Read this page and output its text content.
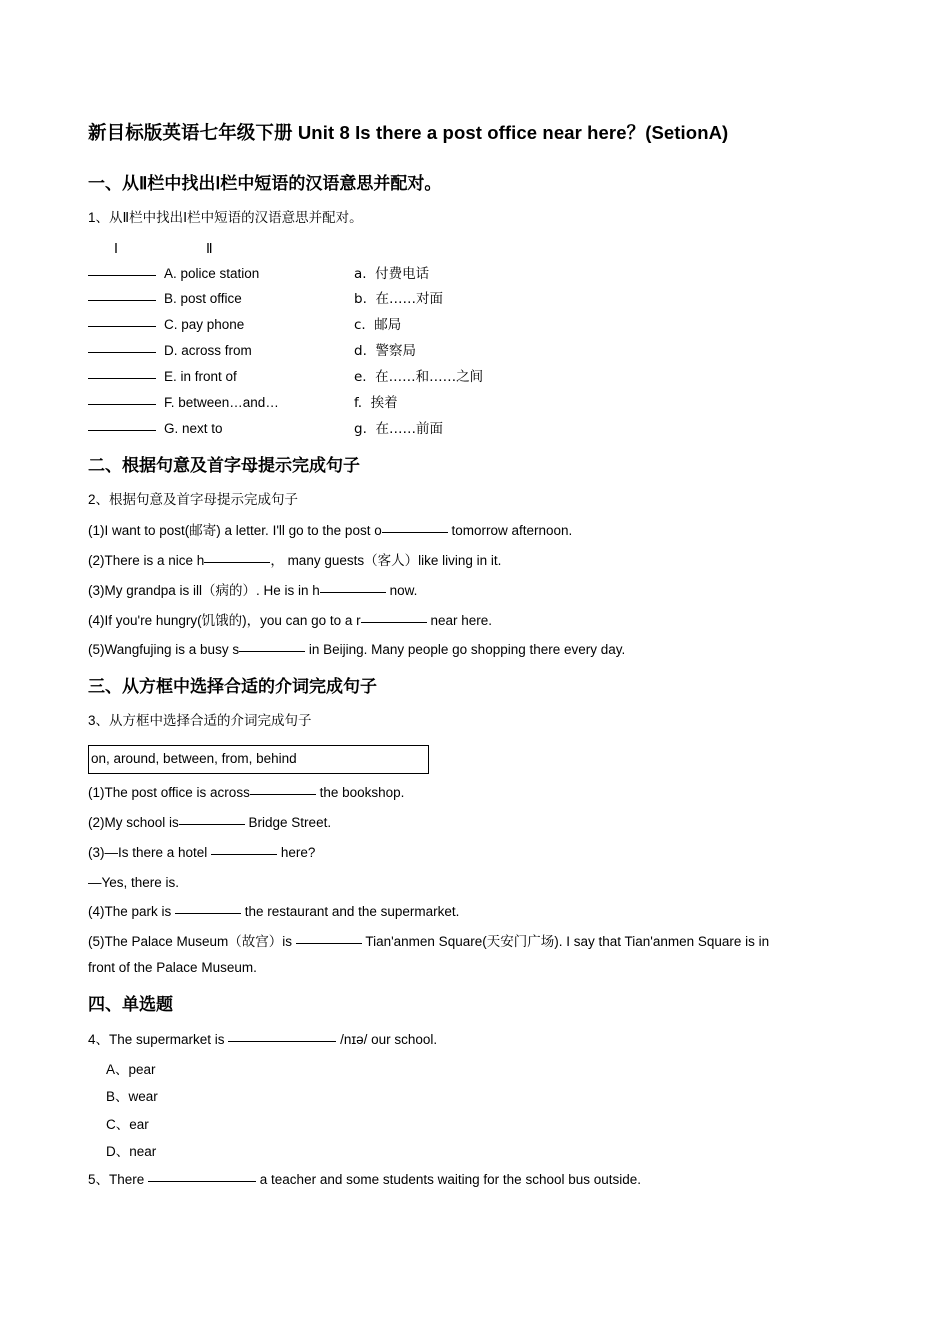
新目标版英语七年级下册 Unit 8 Is there a post office near here？(SetionA)
一、从Ⅱ栏中找出Ⅰ栏中短语的汉语意思并配对。

1、从Ⅱ栏中找出Ⅰ栏中短语的汉语意思并配对。

Ⅰ	Ⅱ

A. police station	a.  付费电话

B. post office	b.  在……对面

C. pay phone	c.  邮局

D. across from	d.  警察局

E. in front of	e.  在……和……之间

F. between…and…	f.  挨着

G. next to	g.  在……前面

二、根据句意及首字母提示完成句子

2、根据句意及首字母提示完成句子

(1)I want to post(邮寄) a letter. I'll go to the post o	tomorrow afternoon.

(2)There is a nice h	， many guests（客人）like living in it.

(3)My grandpa is ill（病的）. He is in h	now.

(4)If you're hungry(饥饿的)，you can go to a r	near here.

(5)Wangfujing is a busy s	in Beijing. Many people go shopping there every day.

三、从方框中选择合适的介词完成句子

3、从方框中选择合适的介词完成句子

on, around, between, from, behind

(1)The post office is across	the bookshop.

(2)My school is	Bridge Street.

(3)—Is there a hotel	here?

—Yes, there is.

(4)The park is	the restaurant and the supermarket.

(5)The Palace Museum（故宫）is	Tian'anmen Square(天安门广场). I say that Tian'anmen Square is in

front of the Palace Museum.

四、单选题

4、The supermarket is	/nɪə/ our school.

A、pear

B、wear

C、ear

D、near

5、There	a teacher and some students waiting for the school bus outside.
